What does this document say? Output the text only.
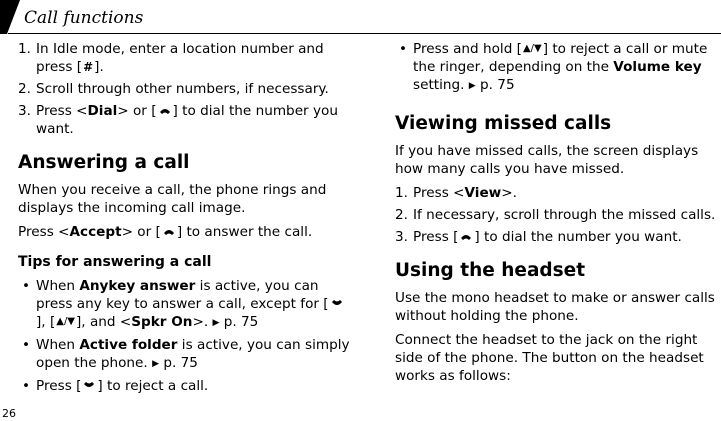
Call functions
1. In Idle mode, enter a location number and press [#].
2. Scroll through other numbers, if necessary.
3. Press <Dial> or [ ] to dial the number you want.
Answering a call

When you receive a call, the phone rings and displays the incoming call image.

Press <Accept> or [ ] to answer the call.

Tips for answering a call
• When Anykey answer is active, you can press any key to answer a call, except for [], [▲/▼], and <Spkr On>. ▶ p. 75
• When Active folder is active, you can simply open the phone. ▶ p. 75
• Press [ ] to reject a call.
• Press and hold [▲/▼] to reject a call or mute the ringer, depending on the Volume key setting. ▶ p. 75
Viewing missed calls

If you have missed calls, the screen displays how many calls you have missed.

1. Press <View>.
2. If necessary, scroll through the missed calls.
3. Press [ ] to dial the number you want.
Using the headset

Use the mono headset to make or answer calls without holding the phone.

Connect the headset to the jack on the right side of the phone. The button on the headset works as follows:

26
